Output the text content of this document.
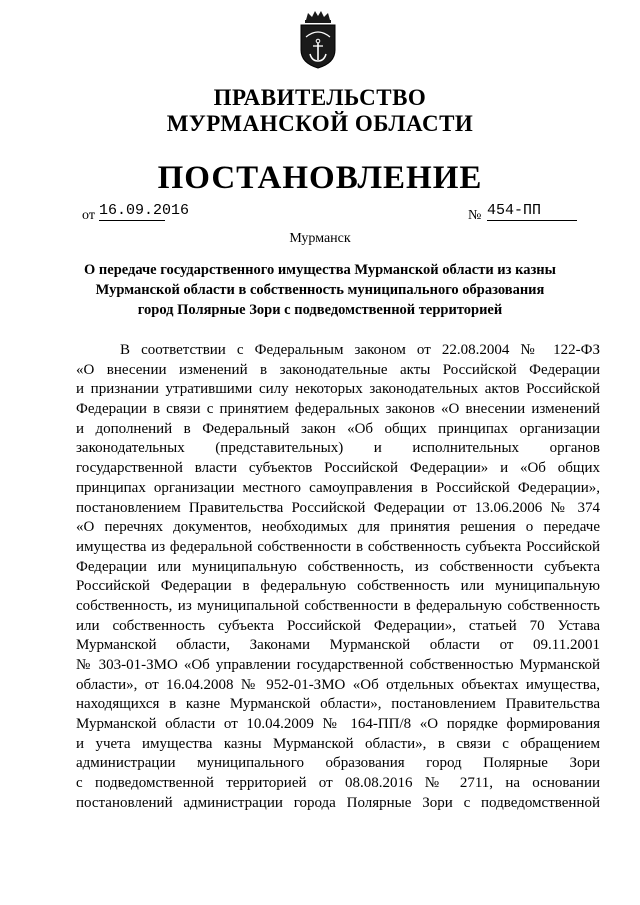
ПРАВИТЕЛЬСТВО
МУРМАНСКОЙ ОБЛАСТИ
ПОСТАНОВЛЕНИЕ
от 16.09.2016	№ 454-ПП
Мурманск
О передаче государственного имущества Мурманской области из казны Мурманской области в собственность муниципального образования город Полярные Зори с подведомственной территорией
В соответствии с Федеральным законом от 22.08.2004 № 122-ФЗ
«О внесении изменений в законодательные акты Российской Федерации
и признании утратившими силу некоторых законодательных актов Российской
Федерации в связи с принятием федеральных законов «О внесении изменений
и дополнений в Федеральный закон «Об общих принципах организации
законодательных (представительных) и исполнительных органов
государственной власти субъектов Российской Федерации» и «Об общих
принципах организации местного самоуправления в Российской Федерации»,
постановлением Правительства Российской Федерации от 13.06.2006 № 374
«О перечнях документов, необходимых для принятия решения о передаче
имущества из федеральной собственности в собственность субъекта Российской
Федерации или муниципальную собственность, из собственности субъекта
Российской Федерации в федеральную собственность или муниципальную
собственность, из муниципальной собственности в федеральную собственность
или собственность субъекта Российской Федерации», статьей 70 Устава
Мурманской области, Законами Мурманской области от 09.11.2001
№ 303-01-ЗМО «Об управлении государственной собственностью Мурманской
области», от 16.04.2008 № 952-01-ЗМО «Об отдельных объектах имущества,
находящихся в казне Мурманской области», постановлением Правительства
Мурманской области от 10.04.2009 № 164-ПП/8 «О порядке формирования
и учета имущества казны Мурманской области», в связи с обращением
администрации муниципального образования город Полярные Зори
с подведомственной территорией от 08.08.2016 № 2711, на основании
постановлений администрации города Полярные Зори с подведомственной
